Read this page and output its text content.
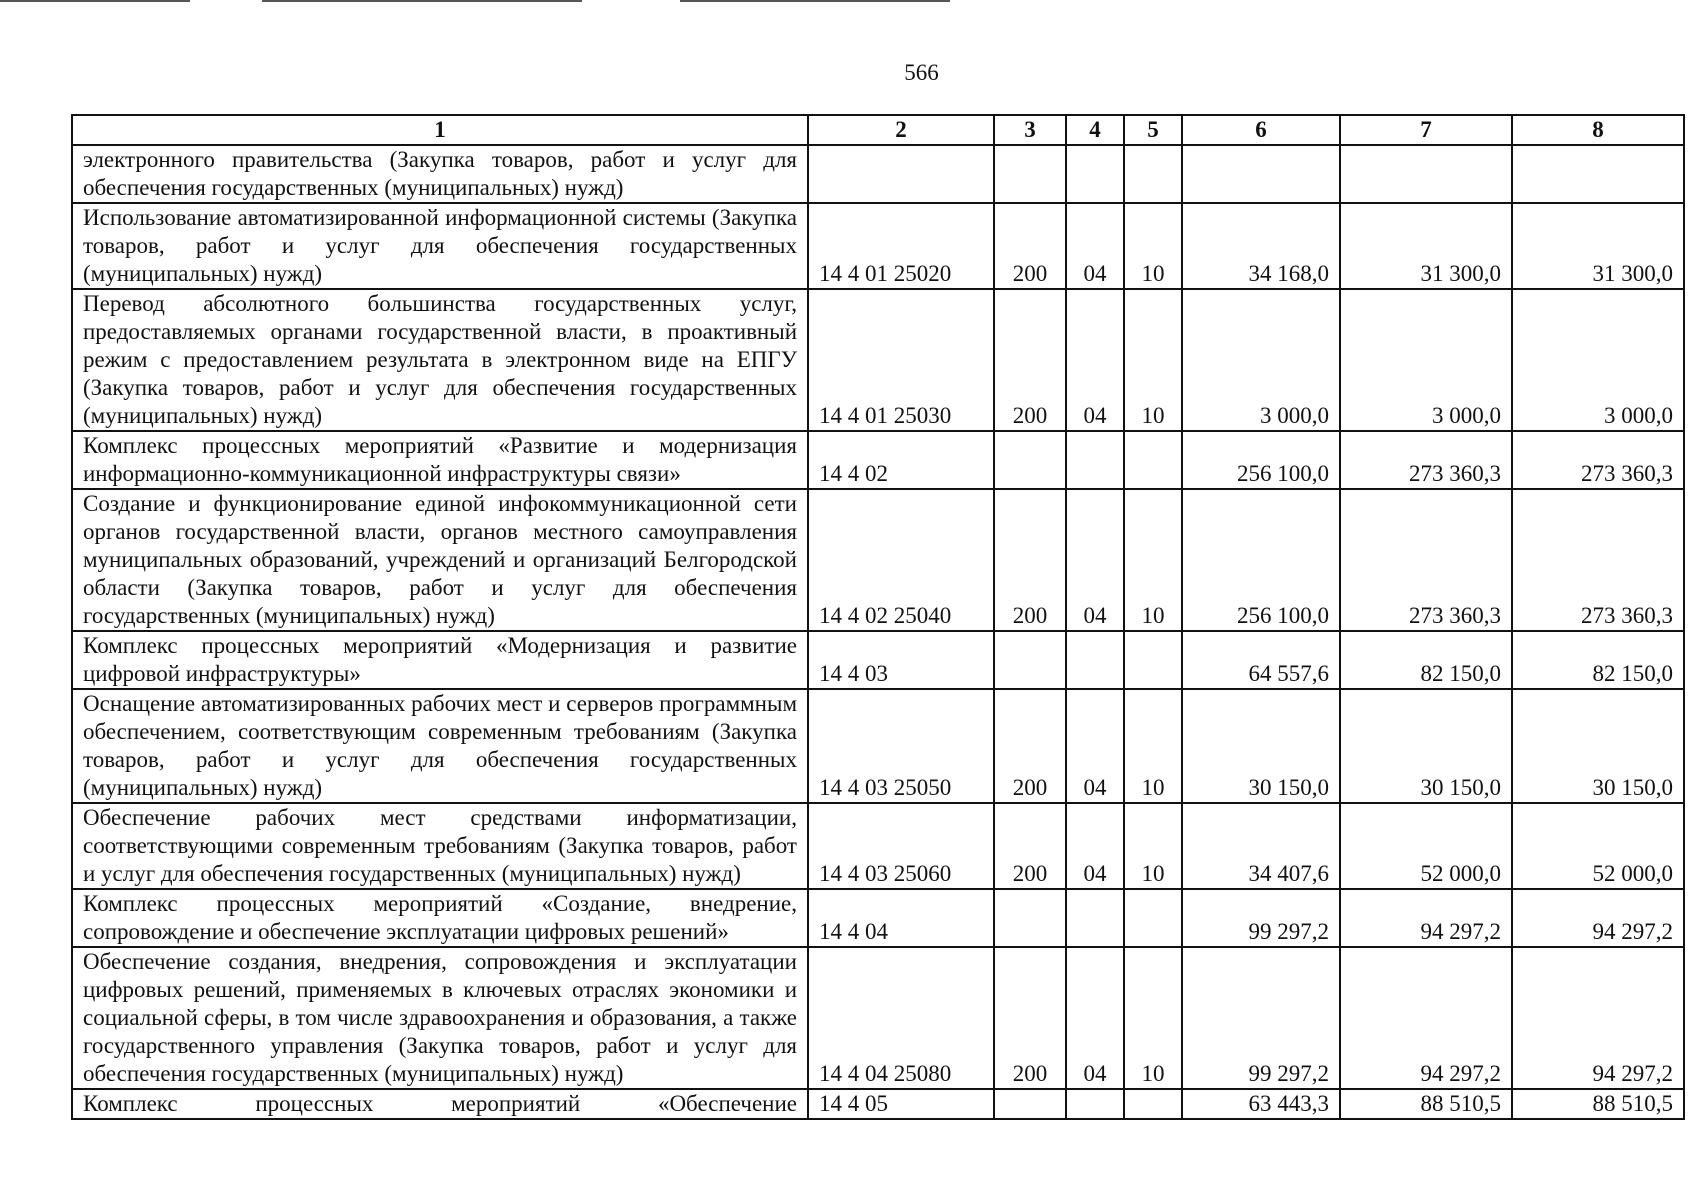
566
1	2	3	4	5	6	7	8
электронного правительства (Закупка товаров, работ и услуг для обеспечения государственных (муниципальных) нужд)							
Использование автоматизированной информационной системы (Закупка товаров, работ и услуг для обеспечения государственных (муниципальных) нужд)	14 4 01 25020	200	04	10	34 168,0	31 300,0	31 300,0
Перевод абсолютного большинства государственных услуг, предоставляемых органами государственной власти, в проактивный режим с предоставлением результата в электронном виде на ЕПГУ (Закупка товаров, работ и услуг для обеспечения государственных (муниципальных) нужд)	14 4 01 25030	200	04	10	3 000,0	3 000,0	3 000,0
Комплекс процессных мероприятий «Развитие и модернизация информационно-коммуникационной инфраструктуры связи»	14 4 02				256 100,0	273 360,3	273 360,3
Создание и функционирование единой инфокоммуникационной сети органов государственной власти, органов местного самоуправления муниципальных образований, учреждений и организаций Белгородской области (Закупка товаров, работ и услуг для обеспечения государственных (муниципальных) нужд)	14 4 02 25040	200	04	10	256 100,0	273 360,3	273 360,3
Комплекс процессных мероприятий «Модернизация и развитие цифровой инфраструктуры»	14 4 03				64 557,6	82 150,0	82 150,0
Оснащение автоматизированных рабочих мест и серверов программным обеспечением, соответствующим современным требованиям (Закупка товаров, работ и услуг для обеспечения государственных (муниципальных) нужд)	14 4 03 25050	200	04	10	30 150,0	30 150,0	30 150,0
Обеспечение рабочих мест средствами информатизации, соответствующими современным требованиям (Закупка товаров, работ и услуг для обеспечения государственных (муниципальных) нужд)	14 4 03 25060	200	04	10	34 407,6	52 000,0	52 000,0
Комплекс процессных мероприятий «Создание, внедрение, сопровождение и обеспечение эксплуатации цифровых решений»	14 4 04				99 297,2	94 297,2	94 297,2
Обеспечение создания, внедрения, сопровождения и эксплуатации цифровых решений, применяемых в ключевых отраслях экономики и социальной сферы, в том числе здравоохранения и образования, а также государственного управления (Закупка товаров, работ и услуг для обеспечения государственных (муниципальных) нужд)	14 4 04 25080	200	04	10	99 297,2	94 297,2	94 297,2
Комплекс процессных мероприятий «Обеспечение	14 4 05				63 443,3	88 510,5	88 510,5
